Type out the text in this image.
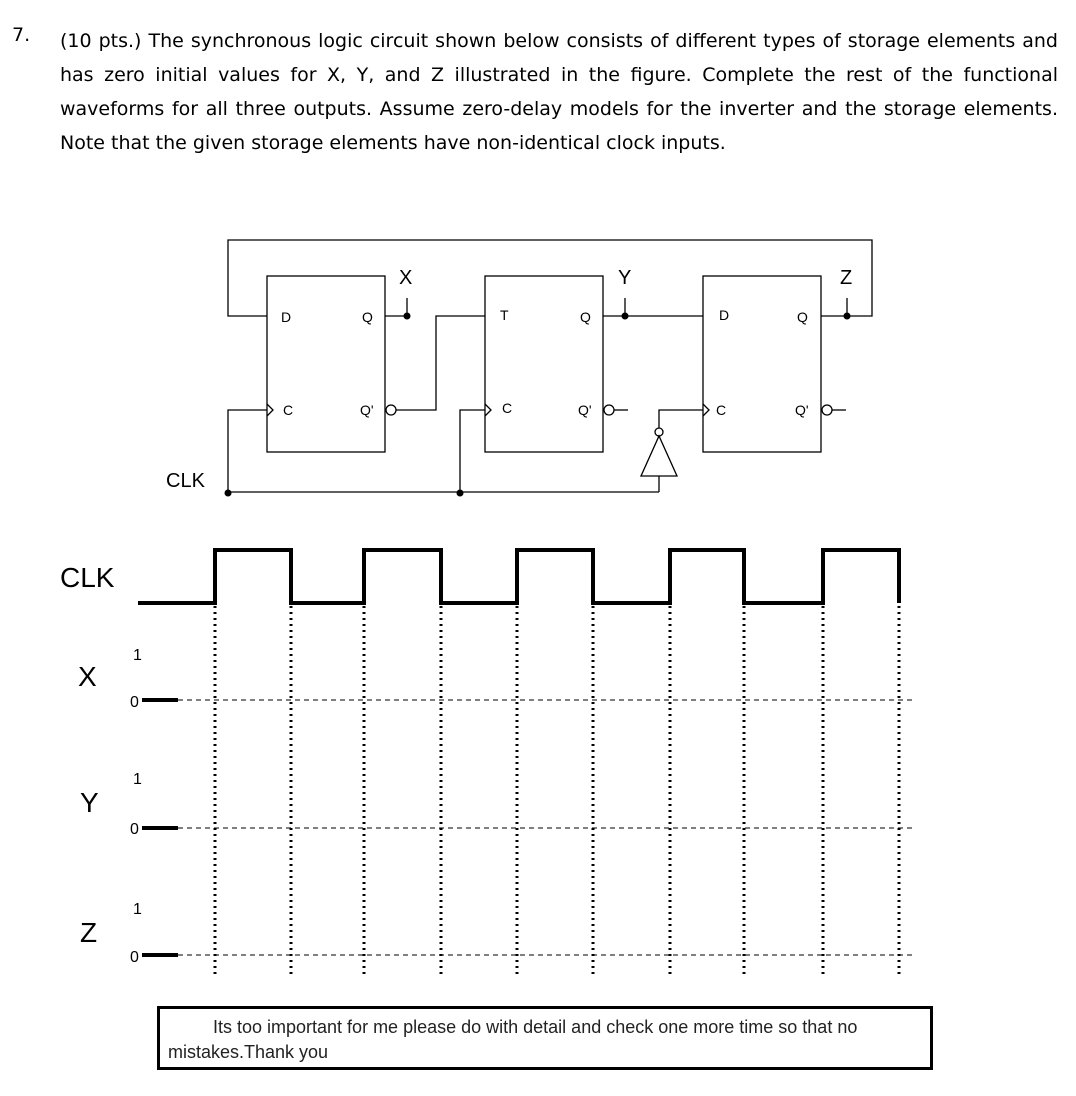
7. (10 pts.) The synchronous logic circuit shown below consists of different types of storage elements and has zero initial values for X, Y, and Z illustrated in the figure. Complete the rest of the functional waveforms for all three outputs. Assume zero-delay models for the inverter and the storage elements. Note that the given storage elements have non-identical clock inputs.
D
C
Q
Q'
T
C
Q
Q'
D
C
Q
Q'
X	Y	Z
CLK
CLK
X
1
0
Y
1
0
Z
1
0
Its too important for me please do with detail and check one more time so that no mistakes.Thank you
